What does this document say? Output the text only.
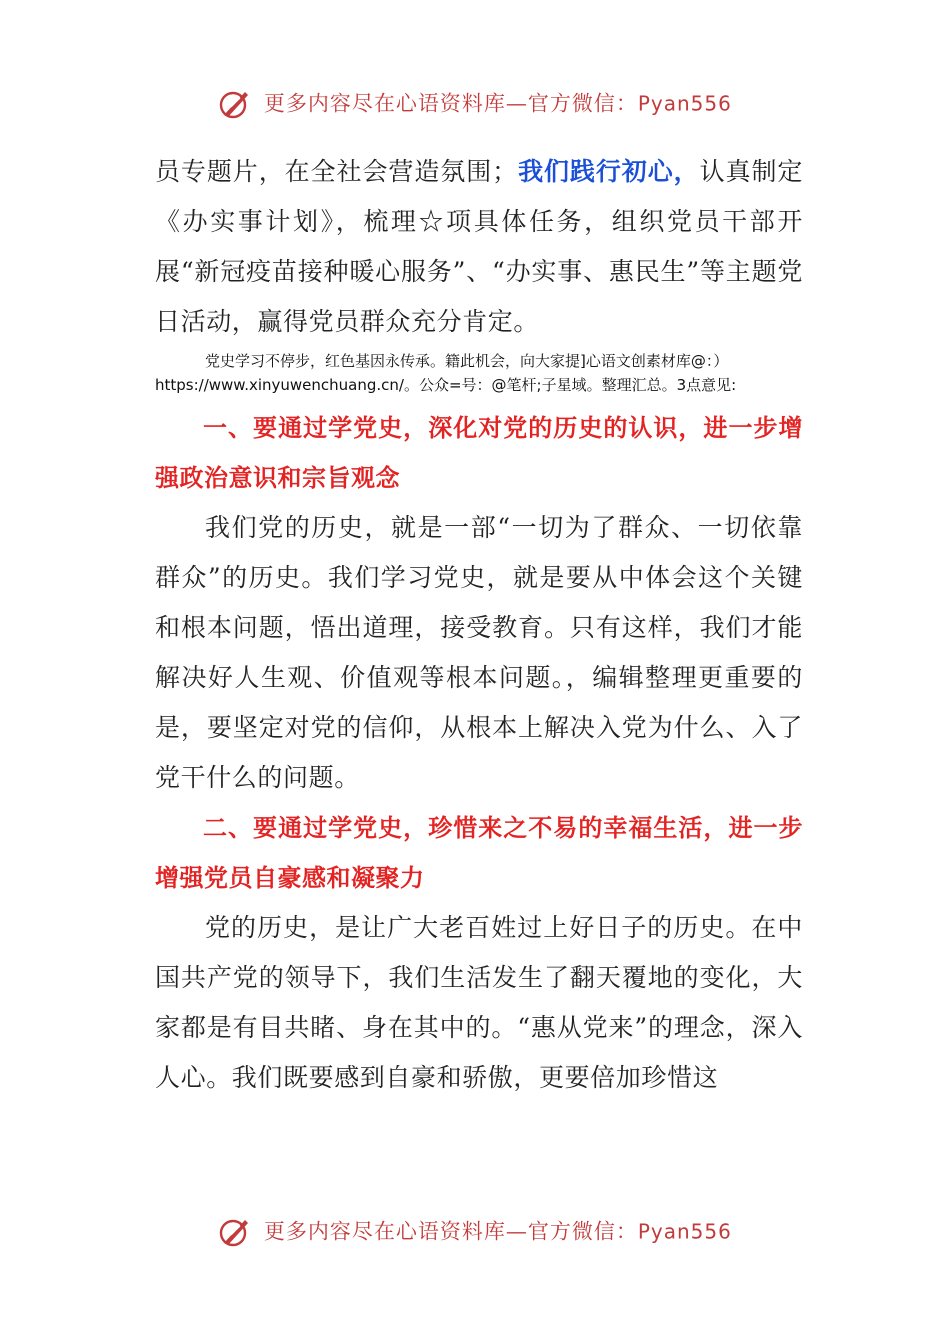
更多内容尽在心语资料库—官方微信：Pyan556

员专题片，在全社会营造氛围；我们践行初心，认真制定《办实事计划》，梳理☆项具体任务，组织党员干部开展“新冠疫苗接种暖心服务”、“办实事、惠民生”等主题党日活动，赢得党员群众充分肯定。

党史学习不停步，红色基因永传承。籍此机会，向大家提]心语文创素材库@：）
https://www.xinyuwenchuang.cn/。公众=号：@笔杆;子星域。整理汇总。3点意见:

一、要通过学党史，深化对党的历史的认识，进一步增强政治意识和宗旨观念

我们党的历史，就是一部“一切为了群众、一切依靠群众”的历史。我们学习党史，就是要从中体会这个关键和根本问题，悟出道理，接受教育。只有这样，我们才能解决好人生观、价值观等根本问题。，编辑整理更重要的是，要坚定对党的信仰，从根本上解决入党为什么、入了党干什么的问题。

二、要通过学党史，珍惜来之不易的幸福生活，进一步增强党员自豪感和凝聚力

党的历史，是让广大老百姓过上好日子的历史。在中国共产党的领导下，我们生活发生了翻天覆地的变化，大家都是有目共睹、身在其中的。“惠从党来”的理念，深入人心。我们既要感到自豪和骄傲，更要倍加珍惜这

更多内容尽在心语资料库—官方微信：Pyan556
